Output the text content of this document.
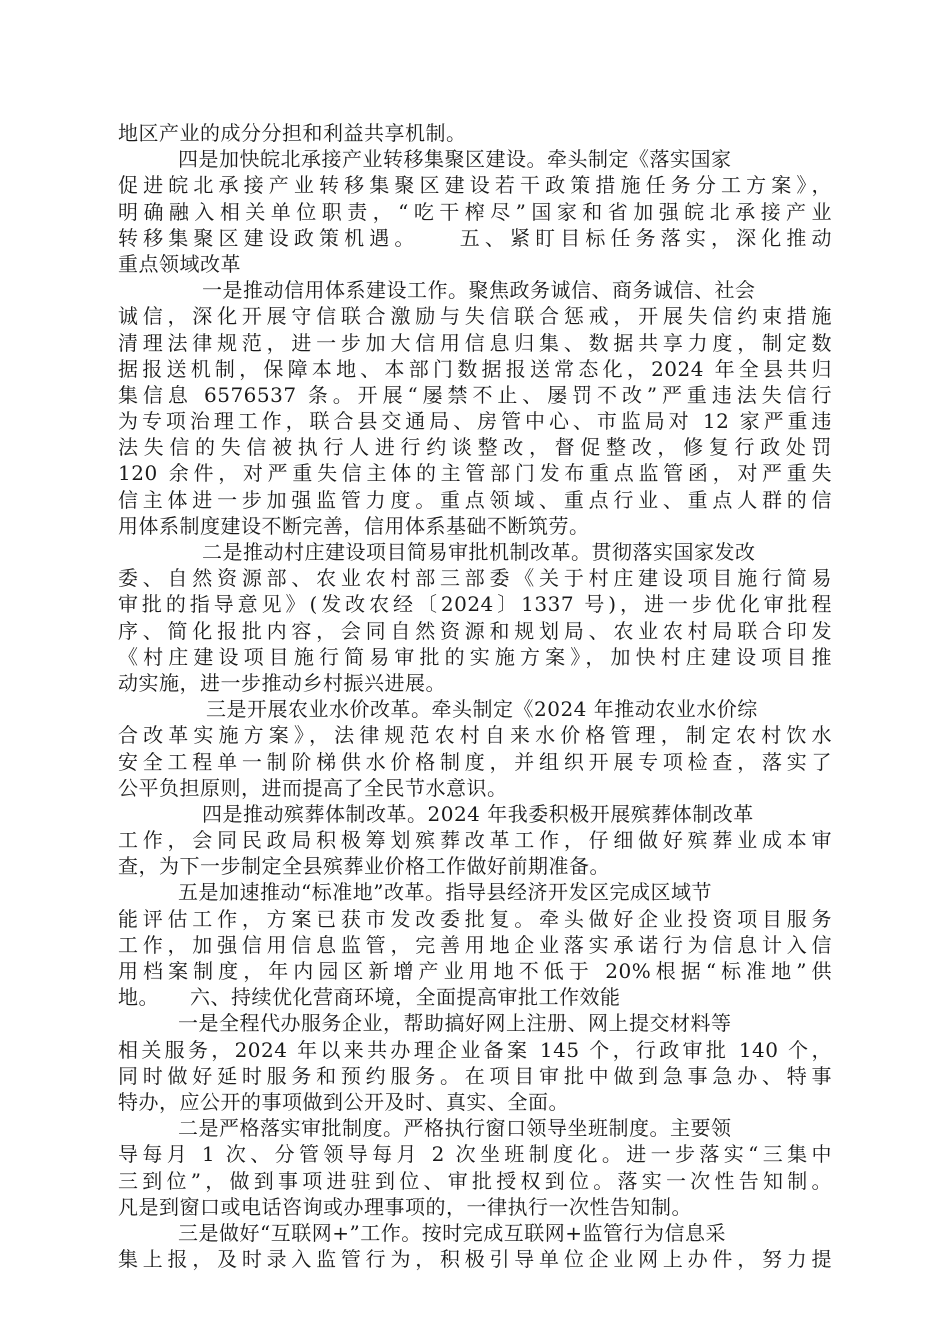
地区产业的成分分担和利益共享机制。
四是加快皖北承接产业转移集聚区建设。牵头制定《落实国家
促进皖北承接产业转移集聚区建设若干政策措施任务分工方案》，
明确融入相关单位职责，“吃干榨尽”国家和省加强皖北承接产业
转移集聚区建设政策机遇。　　五、紧盯目标任务落实，深化推动
重点领域改革
一是推动信用体系建设工作。聚焦政务诚信、商务诚信、社会
诚信，深化开展守信联合激励与失信联合惩戒，开展失信约束措施
清理法律规范，进一步加大信用信息归集、数据共享力度，制定数
据报送机制，保障本地、本部门数据报送常态化，2024 年全县共归
集信息 6576537 条。开展“屡禁不止、屡罚不改”严重违法失信行
为专项治理工作，联合县交通局、房管中心、市监局对 12 家严重违
法失信的失信被执行人进行约谈整改，督促整改，修复行政处罚
120 余件，对严重失信主体的主管部门发布重点监管函，对严重失
信主体进一步加强监管力度。重点领域、重点行业、重点人群的信
用体系制度建设不断完善，信用体系基础不断筑劳。
二是推动村庄建设项目简易审批机制改革。贯彻落实国家发改
委、自然资源部、农业农村部三部委《关于村庄建设项目施行简易
审批的指导意见》(发改农经〔2024〕1337 号)，进一步优化审批程
序、简化报批内容，会同自然资源和规划局、农业农村局联合印发
《村庄建设项目施行简易审批的实施方案》，加快村庄建设项目推
动实施，进一步推动乡村振兴进展。
三是开展农业水价改革。牵头制定《2024 年推动农业水价综
合改革实施方案》，法律规范农村自来水价格管理，制定农村饮水
安全工程单一制阶梯供水价格制度，并组织开展专项检查，落实了
公平负担原则，进而提高了全民节水意识。
四是推动殡葬体制改革。2024 年我委积极开展殡葬体制改革
工作，会同民政局积极筹划殡葬改革工作，仔细做好殡葬业成本审
查，为下一步制定全县殡葬业价格工作做好前期准备。
五是加速推动“标准地”改革。指导县经济开发区完成区域节
能评估工作，方案已获市发改委批复。牵头做好企业投资项目服务
工作，加强信用信息监管，完善用地企业落实承诺行为信息计入信
用档案制度，年内园区新增产业用地不低于 20%根据“标准地”供
地。　　六、持续优化营商环境，全面提高审批工作效能
一是全程代办服务企业，帮助搞好网上注册、网上提交材料等
相关服务，2024 年以来共办理企业备案 145 个，行政审批 140 个，
同时做好延时服务和预约服务。在项目审批中做到急事急办、特事
特办，应公开的事项做到公开及时、真实、全面。
二是严格落实审批制度。严格执行窗口领导坐班制度。主要领
导每月 1 次、分管领导每月 2 次坐班制度化。进一步落实“三集中
三到位”，做到事项进驻到位、审批授权到位。落实一次性告知制。
凡是到窗口或电话咨询或办理事项的，一律执行一次性告知制。
三是做好“互联网+”工作。按时完成互联网+监管行为信息采
集上报，及时录入监管行为，积极引导单位企业网上办件，努力提
